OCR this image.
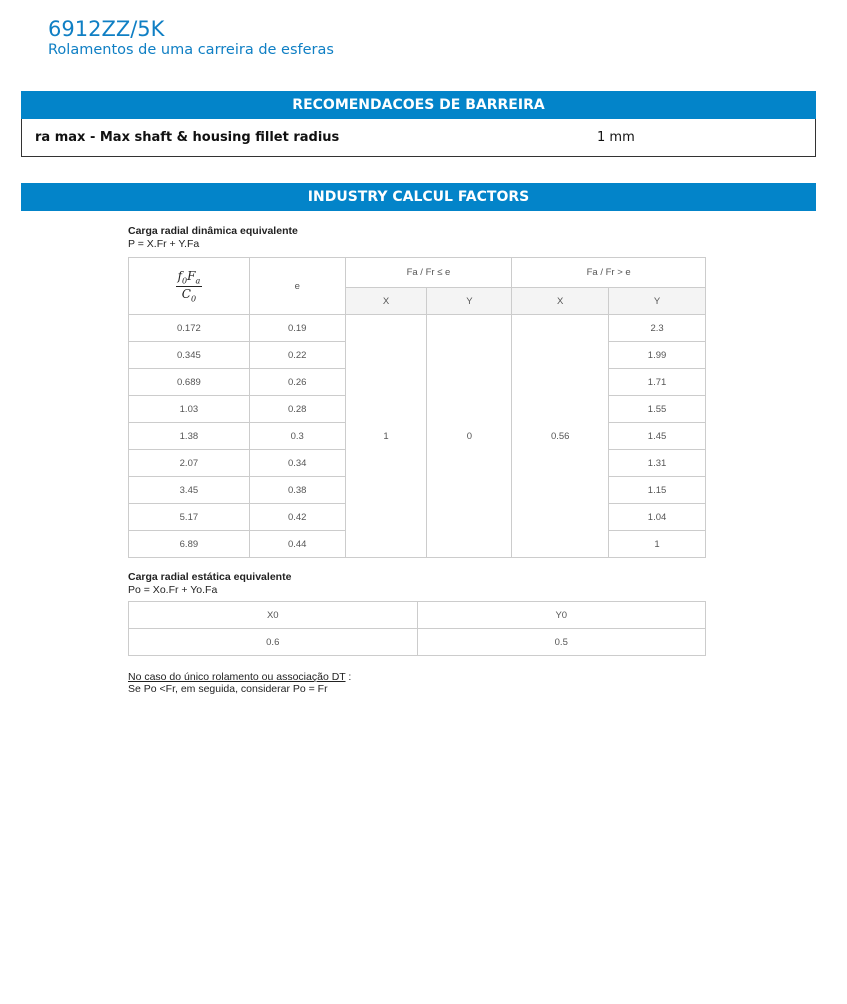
6912ZZ/5K
Rolamentos de uma carreira de esferas
RECOMENDACOES DE BARREIRA
ra max - Max shaft & housing fillet radius	1 mm
INDUSTRY CALCUL FACTORS
Carga radial dinâmica equivalente
P = X.Fr + Y.Fa
$\frac{f_0F_a}{C_0}$	e	Fa / Fr ≤ e		Fa / Fr > e	
		X	Y	X	Y
0.172	0.19	1	0	0.56	2.3
0.345	0.22				1.99
0.689	0.26				1.71
1.03	0.28				1.55
1.38	0.3				1.45
2.07	0.34				1.31
3.45	0.38				1.15
5.17	0.42				1.04
6.89	0.44				1
Carga radial estática equivalente
Po = Xo.Fr + Yo.Fa
X0	Y0
0.6	0.5
No caso do único rolamento ou associação DT :
Se Po <Fr, em seguida, considerar Po = Fr
